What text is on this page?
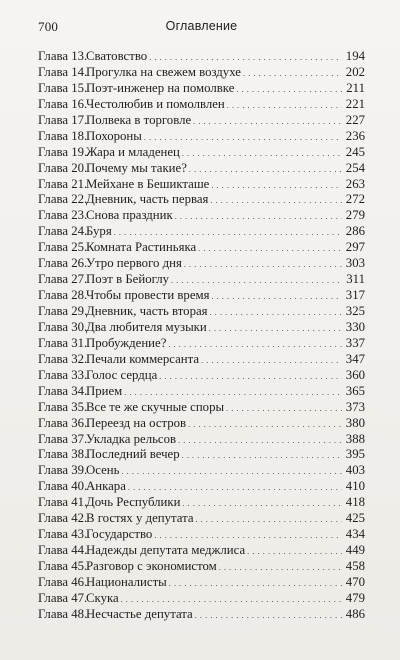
700	Оглавление
Глава 13.
Сватовство . . .	194
Глава 14.
Прогулка на свежем воздухе . . .	202
Глава 15.
Поэт-инженер на помолвке . . .	211
Глава 16.
Честолюбив и помолвлен . . .	221
Глава 17.
Полвека в торговле . . .	227
Глава 18.
Похороны . . .	236
Глава 19.
Жара и младенец . . .	245
Глава 20.
Почему мы такие? . . .	254
Глава 21.
Мейхане в Бешикташе . . .	263
Глава 22.
Дневник, часть первая . . .	272
Глава 23.
Снова праздник . . .	279
Глава 24.
Буря . . .	286
Глава 25.
Комната Растиньяка . . .	297
Глава 26.
Утро первого дня . . .	303
Глава 27.
Поэт в Бейоглу . . .	311
Глава 28.
Чтобы провести время . . .	317
Глава 29.
Дневник, часть вторая . . .	325
Глава 30.
Два любителя музыки . . .	330
Глава 31.
Пробуждение? . . .	337
Глава 32.
Печали коммерсанта . . .	347
Глава 33.
Голос сердца . . .	360
Глава 34.
Прием . . .	365
Глава 35.
Все те же скучные споры . . .	373
Глава 36.
Переезд на остров . . .	380
Глава 37.
Укладка рельсов . . .	388
Глава 38.
Последний вечер . . .	395
Глава 39.
Осень . . .	403
Глава 40.
Анкара . . .	410
Глава 41.
Дочь Республики . . .	418
Глава 42.
В гостях у депутата . . .	425
Глава 43.
Государство . . .	434
Глава 44.
Надежды депутата меджлиса . . .	449
Глава 45.
Разговор с экономистом . . .	458
Глава 46.
Националисты . . .	470
Глава 47.
Скука . . .	479
Глава 48.
Несчастье депутата . . .	486
